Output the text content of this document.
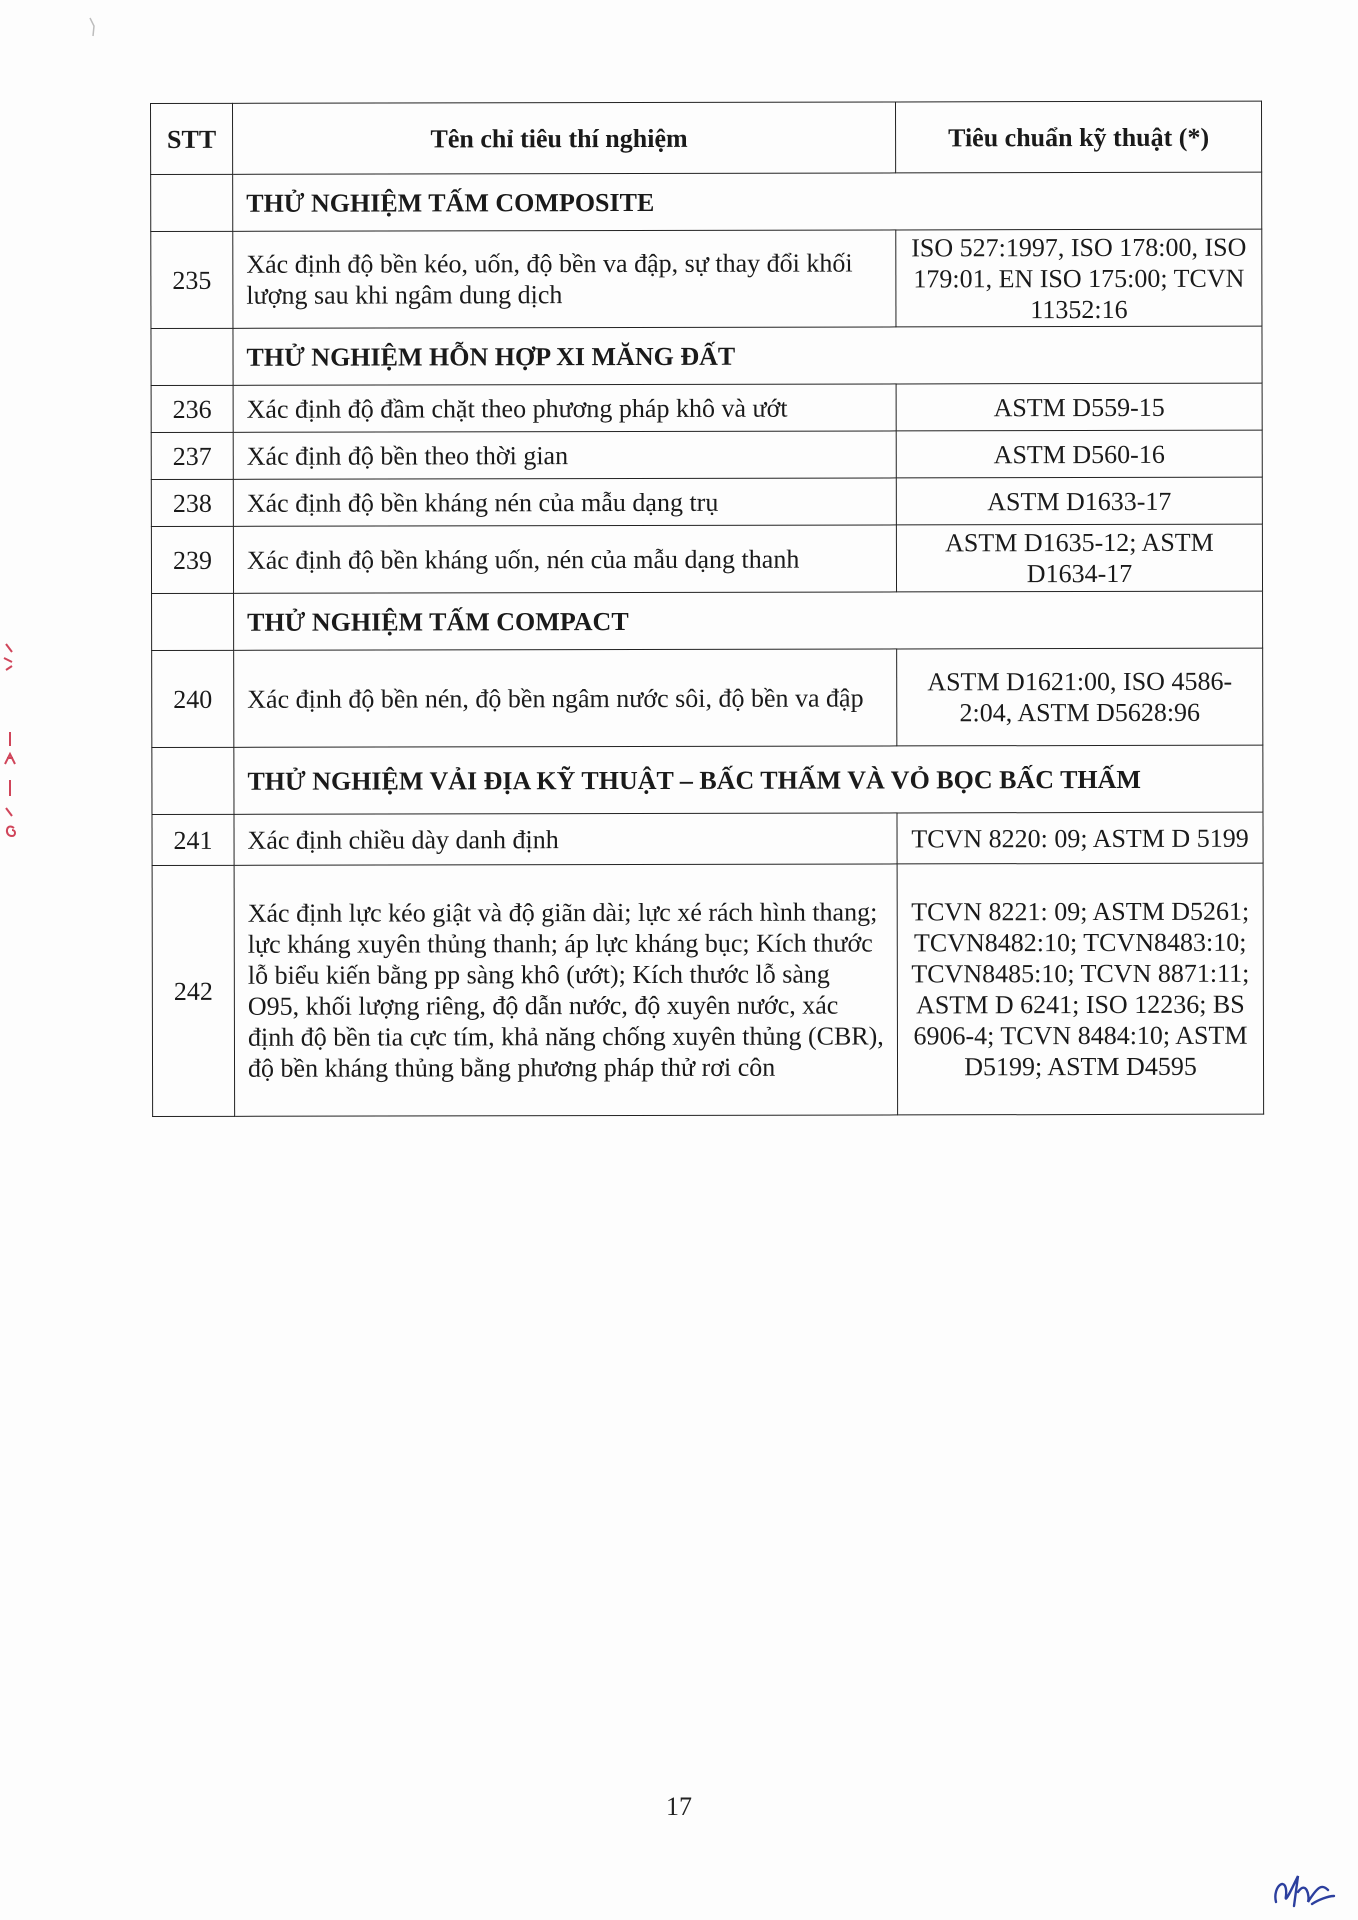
STT	Tên chỉ tiêu thí nghiệm	Tiêu chuẩn kỹ thuật (*)
	THỬ NGHIỆM TẤM COMPOSITE	
235	Xác định độ bền kéo, uốn, độ bền va đập, sự thay đổi khối lượng sau khi ngâm dung dịch	ISO 527:1997, ISO 178:00, ISO 179:01, EN ISO 175:00; TCVN 11352:16
	THỬ NGHIỆM HỖN HỢP XI MĂNG ĐẤT	
236	Xác định độ đầm chặt theo phương pháp khô và ướt	ASTM D559-15
237	Xác định độ bền theo thời gian	ASTM D560-16
238	Xác định độ bền kháng nén của mẫu dạng trụ	ASTM D1633-17
239	Xác định độ bền kháng uốn, nén của mẫu dạng thanh	ASTM D1635-12; ASTM D1634-17
	THỬ NGHIỆM TẤM COMPACT	
240	Xác định độ bền nén, độ bền ngâm nước sôi, độ bền va đập	ASTM D1621:00, ISO 4586-2:04, ASTM D5628:96
	THỬ NGHIỆM VẢI ĐỊA KỸ THUẬT – BẤC THẤM VÀ VỎ BỌC BẤC THẤM	
241	Xác định chiều dày danh định	TCVN 8220: 09; ASTM D 5199
242	Xác định lực kéo giật và độ giãn dài; lực xé rách hình thang; lực kháng xuyên thủng thanh; áp lực kháng bục; Kích thước lỗ biểu kiến bằng pp sàng khô (ướt); Kích thước lỗ sàng O95, khối lượng riêng, độ dẫn nước, độ xuyên nước, xác định độ bền tia cực tím, khả năng chống xuyên thủng (CBR), độ bền kháng thủng bằng phương pháp thử rơi côn	TCVN 8221: 09; ASTM D5261; TCVN8482:10; TCVN8483:10; TCVN8485:10; TCVN 8871:11; ASTM D 6241; ISO 12236; BS 6906-4; TCVN 8484:10; ASTM D5199; ASTM D4595
17
